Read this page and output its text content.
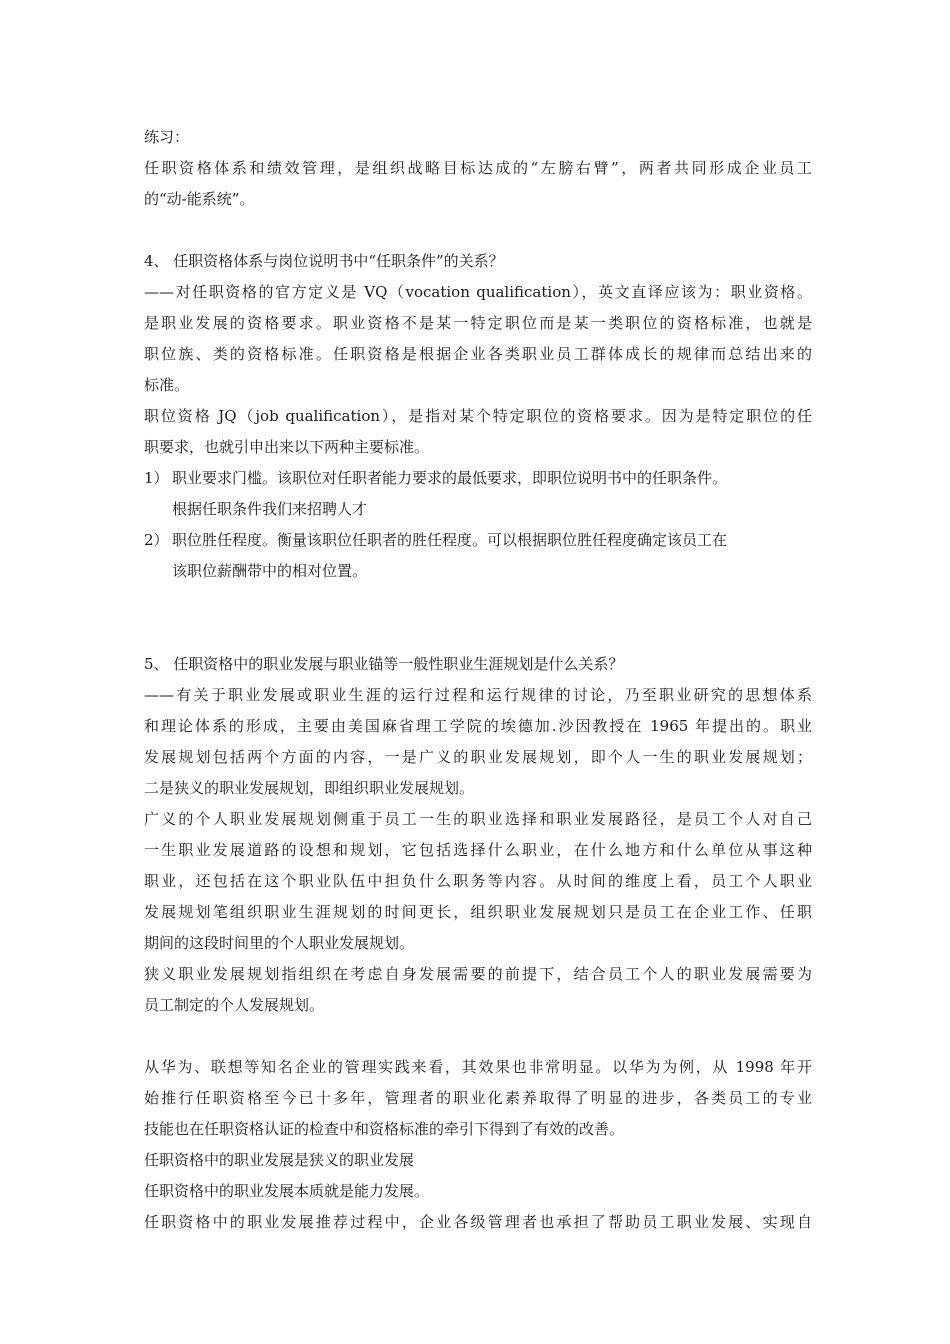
练习：
任职资格体系和绩效管理，是组织战略目标达成的“左膀右臂”，两者共同形成企业员工
的“动-能系统”。
4、 任职资格体系与岗位说明书中“任职条件”的关系？
——对任职资格的官方定义是 VQ（vocation qualification），英文直译应该为：职业资格。
是职业发展的资格要求。职业资格不是某一特定职位而是某一类职位的资格标准，也就是
职位族、类的资格标准。任职资格是根据企业各类职业员工群体成长的规律而总结出来的
标准。
职位资格 JQ（job qualification），是指对某个特定职位的资格要求。因为是特定职位的任
职要求，也就引申出来以下两种主要标准。
1） 职业要求门槛。该职位对任职者能力要求的最低要求，即职位说明书中的任职条件。
根据任职条件我们来招聘人才
2） 职位胜任程度。衡量该职位任职者的胜任程度。可以根据职位胜任程度确定该员工在
该职位薪酬带中的相对位置。
5、 任职资格中的职业发展与职业锚等一般性职业生涯规划是什么关系？
——有关于职业发展或职业生涯的运行过程和运行规律的讨论，乃至职业研究的思想体系
和理论体系的形成，主要由美国麻省理工学院的埃德加.沙因教授在 1965 年提出的。职业
发展规划包括两个方面的内容，一是广义的职业发展规划，即个人一生的职业发展规划；
二是狭义的职业发展规划，即组织职业发展规划。
广义的个人职业发展规划侧重于员工一生的职业选择和职业发展路径，是员工个人对自己
一生职业发展道路的设想和规划，它包括选择什么职业，在什么地方和什么单位从事这种
职业，还包括在这个职业队伍中担负什么职务等内容。从时间的维度上看，员工个人职业
发展规划笔组织职业生涯规划的时间更长，组织职业发展规划只是员工在企业工作、任职
期间的这段时间里的个人职业发展规划。
狭义职业发展规划指组织在考虑自身发展需要的前提下，结合员工个人的职业发展需要为
员工制定的个人发展规划。
从华为、联想等知名企业的管理实践来看，其效果也非常明显。以华为为例，从 1998 年开
始推行任职资格至今已十多年，管理者的职业化素养取得了明显的进步，各类员工的专业
技能也在任职资格认证的检查中和资格标准的牵引下得到了有效的改善。
任职资格中的职业发展是狭义的职业发展
任职资格中的职业发展本质就是能力发展。
任职资格中的职业发展推荐过程中，企业各级管理者也承担了帮助员工职业发展、实现自
